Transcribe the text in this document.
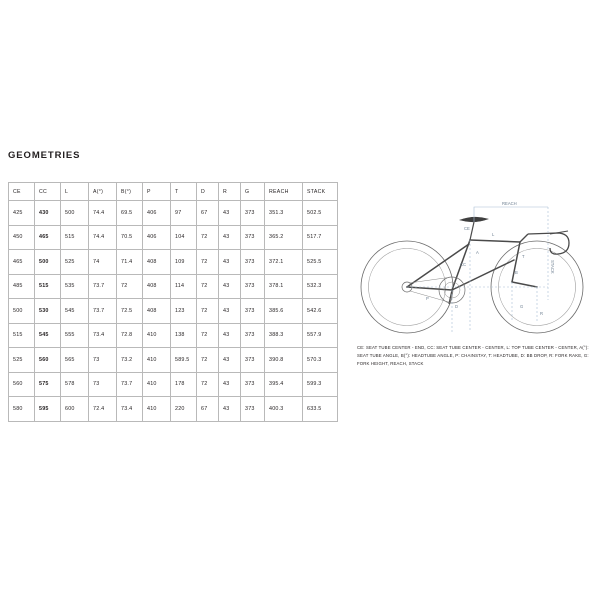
GEOMETRIES
CE	CC	L	A(°)	B(°)	P	T	D	R	G	REACH	STACK
425	430	500	74.4	69.5	406	97	67	43	373	351.3	502.5
450	465	515	74.4	70.5	406	104	72	43	373	365.2	517.7
465	500	525	74	71.4	408	109	72	43	373	372.1	525.5
485	515	535	73.7	72	408	114	72	43	373	378.1	532.3
500	530	545	73.7	72.5	408	123	72	43	373	385.6	542.6
515	545	555	73.4	72.8	410	138	72	43	373	388.3	557.9
525	560	565	73	73.2	410	589.5	72	43	373	390.8	570.3
560	575	578	73	73.7	410	178	72	43	373	395.4	599.3
580	595	600	72.4	73.4	410	220	67	43	373	400.3	633.5
REACH
STACK
A
B
L
T
P
D	G
R
CC
CE
CE: SEAT TUBE CENTER - END, CC: SEAT TUBE CENTER - CENTER, L: TOP TUBE CENTER - CENTER, A(°): SEAT TUBE ANGLE, B(°): HEADTUBE ANGLE, P: CHAINSTAY, T: HEADTUBE, D: BB DROP, R: FORK RAKE, G: FORK HEIGHT, REACH, STACK
